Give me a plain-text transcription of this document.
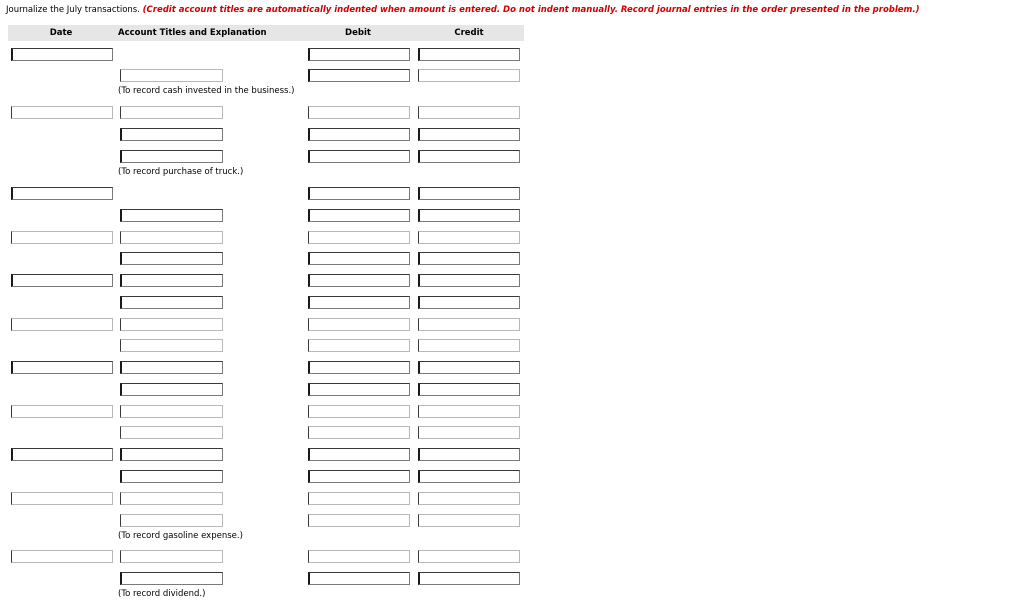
Journalize the July transactions. (Credit account titles are automatically indented when amount is entered. Do not indent manually. Record journal entries in the order presented in the problem.)
Date	Account Titles and Explanation	Debit	Credit
(To record cash invested in the business.)
(To record purchase of truck.)
(To record gasoline expense.)
(To record dividend.)
